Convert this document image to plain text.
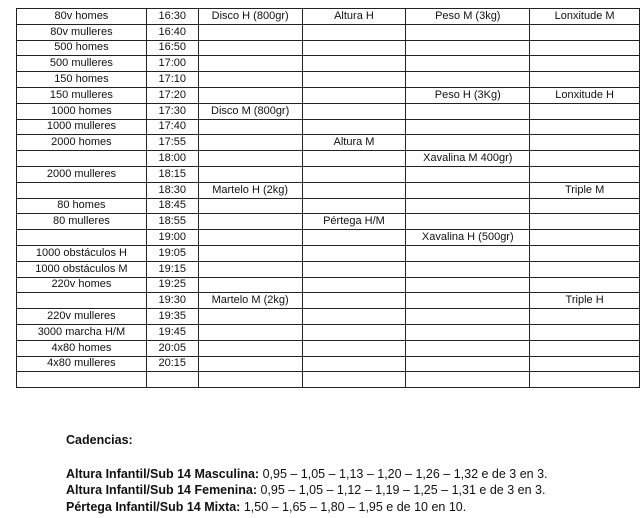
80v homes	16:30	Disco H (800gr)	Altura H	Peso M (3kg)	Lonxitude M
80v mulleres	16:40				
500 homes	16:50				
500 mulleres	17:00				
150 homes	17:10				
150 mulleres	17:20			Peso H (3Kg)	Lonxitude H
1000 homes	17:30	Disco M (800gr)			
1000 mulleres	17:40				
2000 homes	17:55		Altura M		
	18:00			Xavalina M 400gr)	
2000 mulleres	18:15				
	18:30	Martelo H (2kg)			Triple M
80 homes	18:45				
80 mulleres	18:55		Pértega H/M		
	19:00			Xavalina H (500gr)	
1000 obstáculos H	19:05				
1000 obstáculos M	19:15				
220v homes	19:25				
	19:30	Martelo M (2kg)			Triple H
220v mulleres	19:35				
3000 marcha H/M	19:45				
4x80 homes	20:05				
4x80 mulleres	20:15				

Cadencias:

Altura Infantil/Sub 14 Masculina: 0,95 – 1,05 – 1,13 – 1,20 – 1,26 – 1,32 e de 3 en 3.

Altura Infantil/Sub 14 Femenina: 0,95 – 1,05 – 1,12 – 1,19 – 1,25 – 1,31 e de 3 en 3.

Pértega Infantil/Sub 14 Mixta: 1,50 – 1,65 – 1,80 – 1,95 e de 10 en 10.
